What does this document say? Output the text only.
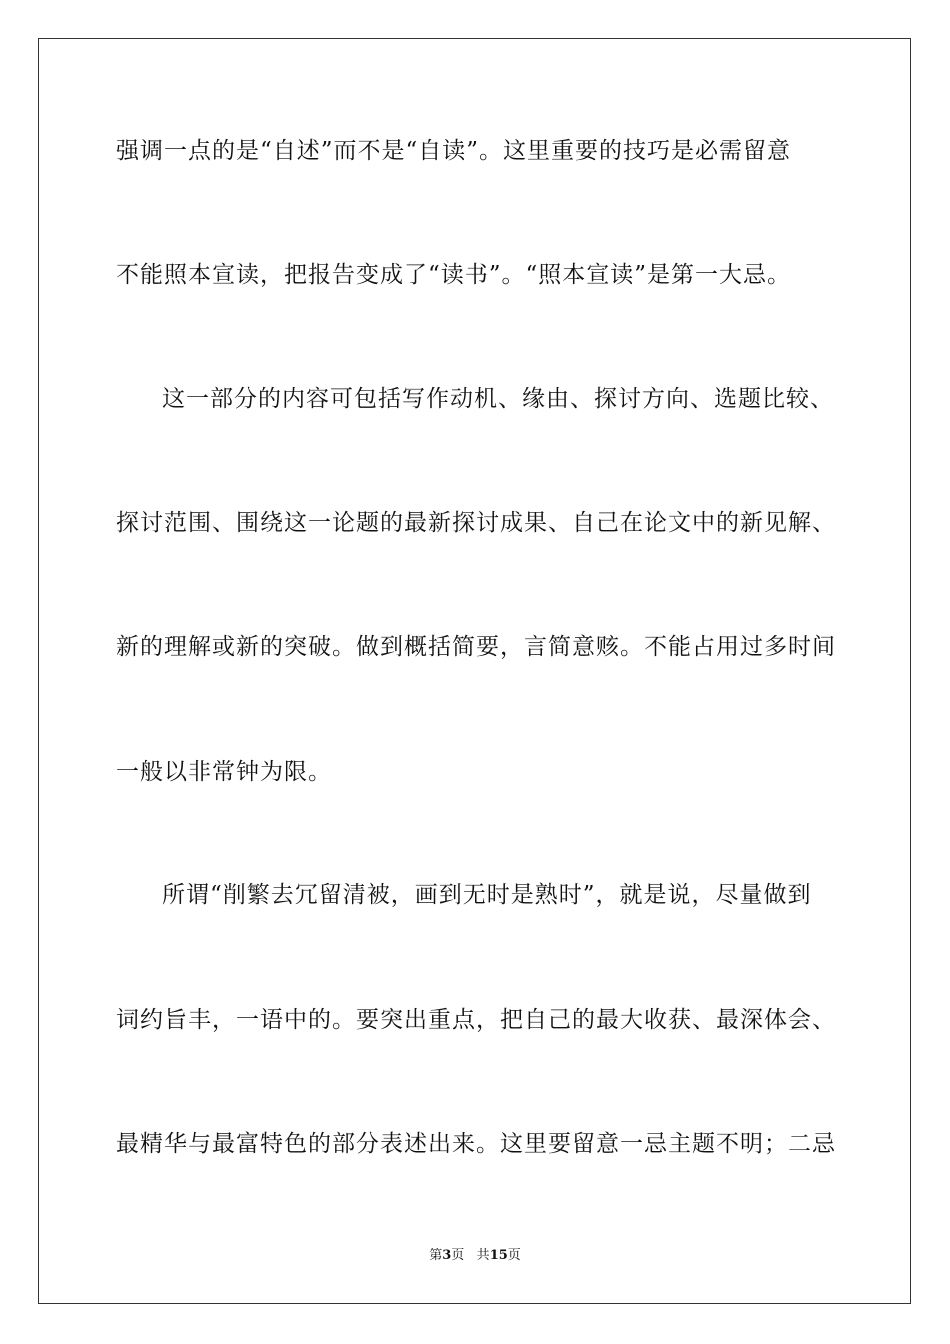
强调一点的是“自述”而不是“自读”。这里重要的技巧是必需留意
不能照本宣读，把报告变成了“读书”。“照本宣读”是第一大忌。
这一部分的内容可包括写作动机、缘由、探讨方向、选题比较、
探讨范围、围绕这一论题的最新探讨成果、自己在论文中的新见解、
新的理解或新的突破。做到概括简要，言简意赅。不能占用过多时间
一般以非常钟为限。
所谓“削繁去冗留清被，画到无时是熟时”，就是说，尽量做到
词约旨丰，一语中的。要突出重点，把自己的最大收获、最深体会、
最精华与最富特色的部分表述出来。这里要留意一忌主题不明；二忌
第3页 共15页
